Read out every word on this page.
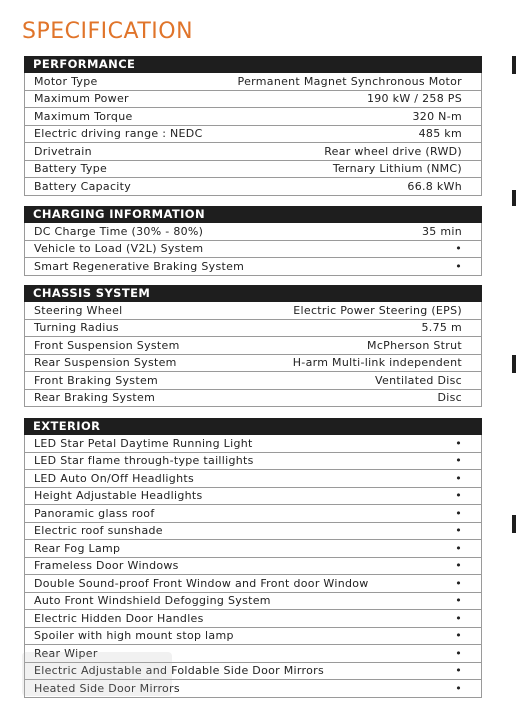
SPECIFICATION
PERFORMANCE
Motor Type	Permanent Magnet Synchronous Motor
Maximum Power	190 kW / 258 PS
Maximum Torque	320 N-m
Electric driving range : NEDC	485 km
Drivetrain	Rear wheel drive (RWD)
Battery Type	Ternary Lithium (NMC)
Battery Capacity	66.8 kWh
CHARGING INFORMATION
DC Charge Time (30% - 80%)	35 min
Vehicle to Load (V2L) System	•
Smart Regenerative Braking System	•
CHASSIS SYSTEM
Steering Wheel	Electric Power Steering (EPS)
Turning Radius	5.75 m
Front Suspension System	McPherson Strut
Rear Suspension System	H-arm Multi-link independent
Front Braking System	Ventilated Disc
Rear Braking System	Disc
EXTERIOR
LED Star Petal Daytime Running Light	•
LED Star flame through-type taillights	•
LED Auto On/Off Headlights	•
Height Adjustable Headlights	•
Panoramic glass roof	•
Electric roof sunshade	•
Rear Fog Lamp	•
Frameless Door Windows	•
Double Sound-proof Front Window and Front door Window	•
Auto Front Windshield Defogging System	•
Electric Hidden Door Handles	•
Spoiler with high mount stop lamp	•
Rear Wiper	•
Electric Adjustable and Foldable Side Door Mirrors	•
Heated Side Door Mirrors	•
